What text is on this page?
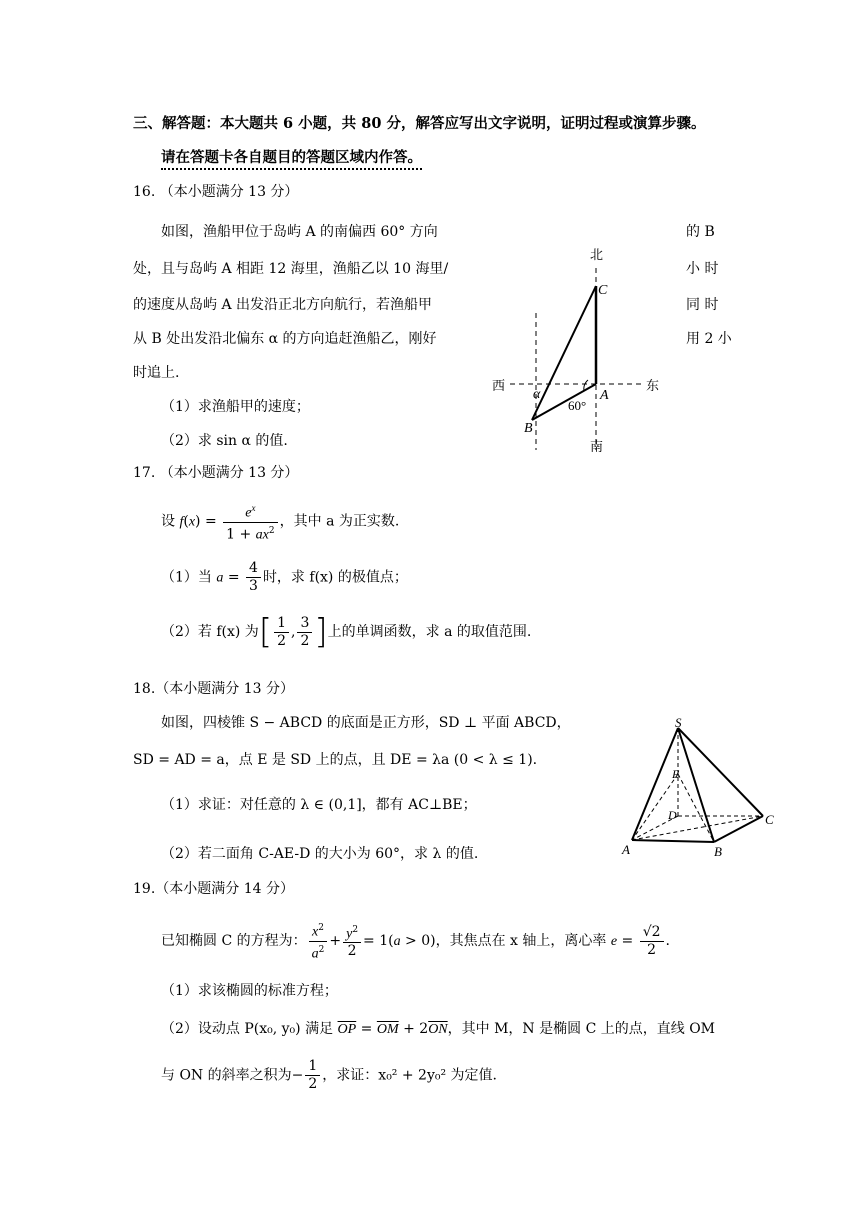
三、解答题：本大题共 6 小题，共 80 分，解答应写出文字说明，证明过程或演算步骤。
请在答题卡各自题目的答题区域内作答。
16. （本小题满分 13 分）
如图，渔船甲位于岛屿 A 的南偏西 60° 方向	的 B
处，且与岛屿 A 相距 12 海里，渔船乙以 10 海里/	小 时
的速度从岛屿 A 出发沿正北方向航行，若渔船甲	同 时
从 B 处出发沿北偏东 α 的方向追赶渔船乙，刚好	用 2 小
时追上.
（1）求渔船甲的速度；
（2）求 sin α 的值.
北
南
西	东
C
A
B
α
60°
17. （本小题满分 13 分）
设 $f(x) = \frac{e^x}{1 + ax^2}$ ，其中 a 为正实数.
（1）当 $a = \frac{4}{3}$ 时，求 f(x) 的极值点；
（2）若 f(x) 为[ $\frac{1}{2}$ , $\frac{3}{2}$ ]上的单调函数，求 a 的取值范围.
18.（本小题满分 13 分）
如图，四棱锥 S − ABCD 的底面是正方形，SD ⊥ 平面 ABCD，
SD = AD = a，点 E 是 SD 上的点，且 DE = λa (0 < λ ≤ 1).
（1）求证：对任意的 λ ∈ (0,1]，都有 AC⊥BE；
（2）若二面角 C-AE-D 的大小为 60°，求 λ 的值.
S
E
D
A	B
C
19.（本小题满分 14 分）
已知椭圆 C 的方程为： $\frac{x^2}{a^2} + \frac{y^2}{2} = 1(a > 0)$，其焦点在 x 轴上，离心率 $e = \frac{√2}{2}$ .
（1）求该椭圆的标准方程；
（2）设动点 P(x₀, y₀) 满足 $\overline{OP} = \overline{OM} + 2\overline{ON}$，其中 M，N 是椭圆 C 上的点，直线 OM
与 ON 的斜率之积为− $\frac{1}{2}$ ，求证：x₀² + 2y₀² 为定值.
